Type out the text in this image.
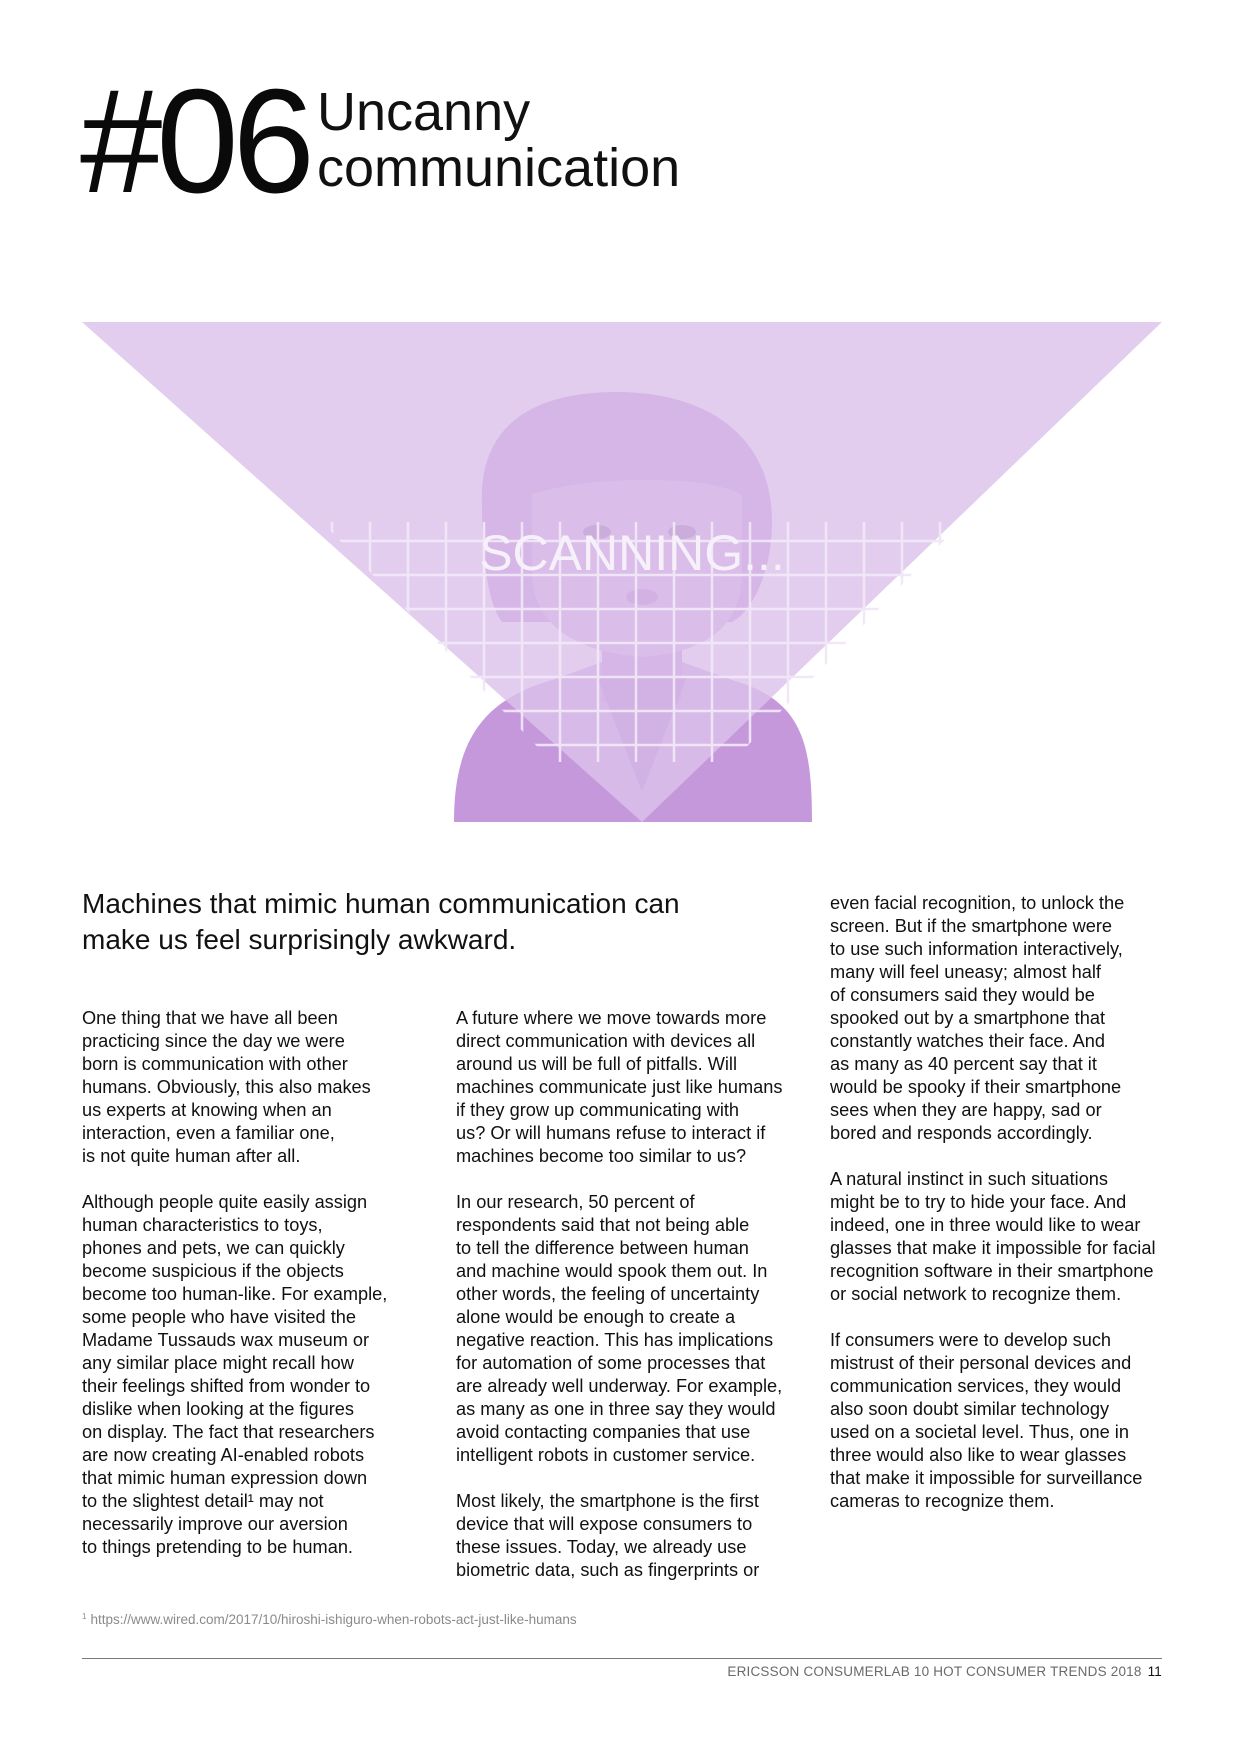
#06 Uncanny
communication
SCANNING...
Machines that mimic human communication can make us feel surprisingly awkward.

One thing that we have all been
practicing since the day we were
born is communication with other
humans. Obviously, this also makes
us experts at knowing when an
interaction, even a familiar one,
is not quite human after all.

Although people quite easily assign
human characteristics to toys,
phones and pets, we can quickly
become suspicious if the objects
become too human-like. For example,
some people who have visited the
Madame Tussauds wax museum or
any similar place might recall how
their feelings shifted from wonder to
dislike when looking at the figures
on display. The fact that researchers
are now creating AI-enabled robots
that mimic human expression down
to the slightest detail¹ may not
necessarily improve our aversion
to things pretending to be human.

A future where we move towards more
direct communication with devices all
around us will be full of pitfalls. Will
machines communicate just like humans
if they grow up communicating with
us? Or will humans refuse to interact if
machines become too similar to us?

In our research, 50 percent of
respondents said that not being able
to tell the difference between human
and machine would spook them out. In
other words, the feeling of uncertainty
alone would be enough to create a
negative reaction. This has implications
for automation of some processes that
are already well underway. For example,
as many as one in three say they would
avoid contacting companies that use
intelligent robots in customer service.

Most likely, the smartphone is the first
device that will expose consumers to
these issues. Today, we already use
biometric data, such as fingerprints or

even facial recognition, to unlock the
screen. But if the smartphone were
to use such information interactively,
many will feel uneasy; almost half
of consumers said they would be
spooked out by a smartphone that
constantly watches their face. And
as many as 40 percent say that it
would be spooky if their smartphone
sees when they are happy, sad or
bored and responds accordingly.

A natural instinct in such situations
might be to try to hide your face. And
indeed, one in three would like to wear
glasses that make it impossible for facial
recognition software in their smartphone
or social network to recognize them.

If consumers were to develop such
mistrust of their personal devices and
communication services, they would
also soon doubt similar technology
used on a societal level. Thus, one in
three would also like to wear glasses
that make it impossible for surveillance
cameras to recognize them.

$^1$ https://www.wired.com/2017/10/hiroshi-ishiguro-when-robots-act-just-like-humans
ERICSSON CONSUMERLAB 10 HOT CONSUMER TRENDS 2018 11
